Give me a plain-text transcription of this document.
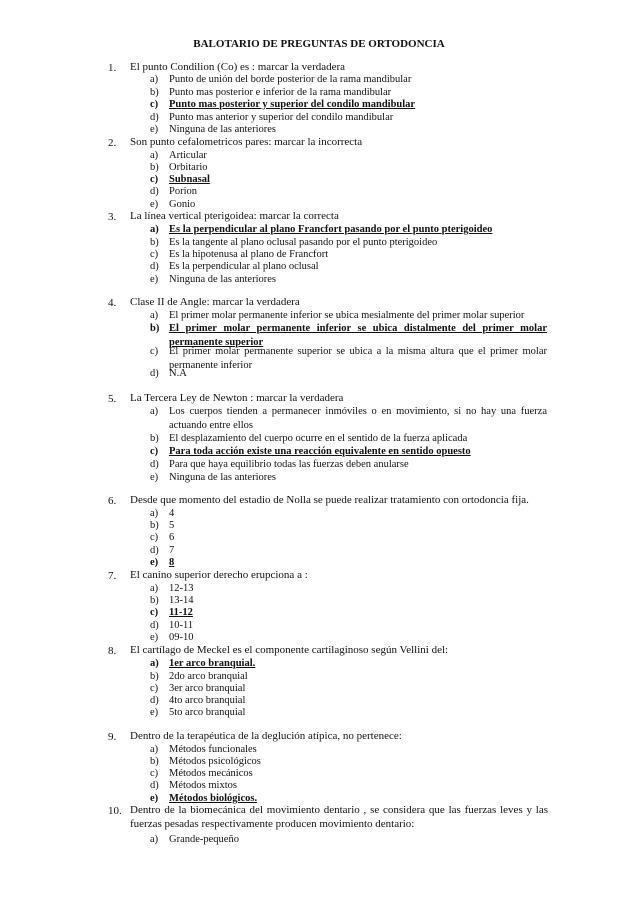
BALOTARIO DE PREGUNTAS DE ORTODONCIA
1. El punto Condilion (Co) es : marcar la verdadera
a) Punto de unión del borde posterior de la rama mandibular
b) Punto mas posterior e inferior de la rama mandibular
c) Punto mas posterior y superior del condilo mandibular
d) Punto mas anterior y superior del condilo mandibular
e) Ninguna de las anteriores
2. Son punto cefalometricos pares: marcar la incorrecta
a) Articular
b) Orbitario
c) Subnasal
d) Porion
e) Gonio
3. La línea vertical pterigoidea: marcar la correcta
a) Es la perpendicular al plano Francfort pasando por el punto pterigoideo
b) Es la tangente al plano oclusal pasando por el punto pterigoideo
c) Es la hipotenusa al plano de Francfort
d) Es la perpendicular al plano oclusal
e) Ninguna de las anteriores
4. Clase II de Angle: marcar la verdadera
a) El primer molar permanente inferior se ubica mesialmente del primer molar superior
b) El primer molar permanente inferior se ubica distalmente del primer molar permanente superior
c) El primer molar permanente superior se ubica a la misma altura que el primer molar permanente inferior
d) N.A
5. La Tercera Ley de Newton : marcar la verdadera
a) Los cuerpos tienden a permanecer inmóviles o en movimiento, si no hay una fuerza actuando entre ellos
b) El desplazamiento del cuerpo ocurre en el sentido de la fuerza aplicada
c) Para toda acción existe una reacción equivalente en sentido opuesto
d) Para que haya equilibrio todas las fuerzas deben anularse
e) Ninguna de las anteriores
6. Desde que momento del estadio de Nolla se puede realizar tratamiento con ortodoncia fija.
a) 4
b) 5
c) 6
d) 7
e) 8
7. El canino superior derecho erupciona a :
a) 12-13
b) 13-14
c) 11-12
d) 10-11
e) 09-10
8. El cartílago de Meckel es el componente cartilaginoso según Vellini del:
a) 1er arco branquial.
b) 2do arco branquial
c) 3er arco branquial
d) 4to arco branquial
e) 5to arco branquial
9. Dentro de la terapéutica de la deglución atípica, no pertenece:
a) Métodos funcionales
b) Métodos psicológicos
c) Métodos mecánicos
d) Métodos mixtos
e) Métodos biológicos.
10. Dentro de la biomecánica del movimiento dentario , se considera que las fuerzas leves y las fuerzas pesadas respectivamente producen movimiento dentario:
a) Grande-pequeño
